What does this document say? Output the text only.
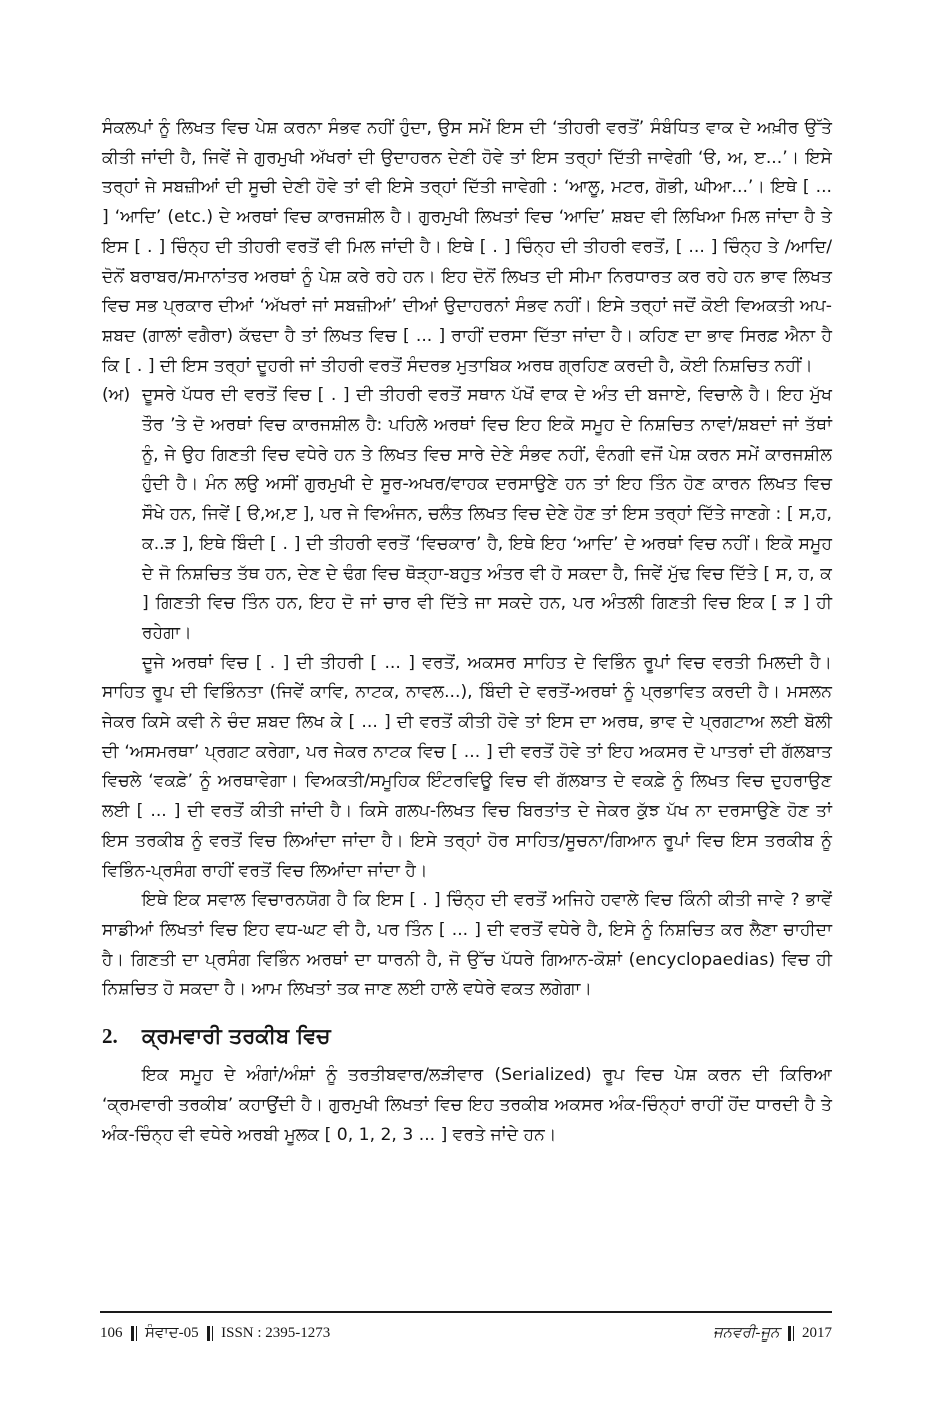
ਸੰਕਲਪਾਂ ਨੂੰ ਲਿਖਤ ਵਿਚ ਪੇਸ਼ ਕਰਨਾ ਸੰਭਵ ਨਹੀਂ ਹੁੰਦਾ, ਉਸ ਸਮੇਂ ਇਸ ਦੀ ‘ਤੀਹਰੀ ਵਰਤੋਂ’ ਸੰਬੰਧਿਤ ਵਾਕ ਦੇ ਅਖ਼ੀਰ ਉੱਤੇ ਕੀਤੀ ਜਾਂਦੀ ਹੈ, ਜਿਵੇਂ ਜੇ ਗੁਰਮੁਖੀ ਅੱਖਰਾਂ ਦੀ ਉਦਾਹਰਨ ਦੇਣੀ ਹੋਵੇ ਤਾਂ ਇਸ ਤਰ੍ਹਾਂ ਦਿੱਤੀ ਜਾਵੇਗੀ ‘ੳ, ਅ, ੲ...’। ਇਸੇ ਤਰ੍ਹਾਂ ਜੇ ਸਬਜ਼ੀਆਂ ਦੀ ਸੂਚੀ ਦੇਣੀ ਹੋਵੇ ਤਾਂ ਵੀ ਇਸੇ ਤਰ੍ਹਾਂ ਦਿੱਤੀ ਜਾਵੇਗੀ : ‘ਆਲੂ, ਮਟਰ, ਗੋਭੀ, ਘੀਆ...’। ਇਥੇ [ ... ] ‘ਆਦਿ’ (etc.) ਦੇ ਅਰਥਾਂ ਵਿਚ ਕਾਰਜਸ਼ੀਲ ਹੈ। ਗੁਰਮੁਖੀ ਲਿਖਤਾਂ ਵਿਚ ‘ਆਦਿ’ ਸ਼ਬਦ ਵੀ ਲਿਖਿਆ ਮਿਲ ਜਾਂਦਾ ਹੈ ਤੇ ਇਸ [ . ] ਚਿੰਨ੍ਹ ਦੀ ਤੀਹਰੀ ਵਰਤੋਂ ਵੀ ਮਿਲ ਜਾਂਦੀ ਹੈ। ਇਥੇ [ . ] ਚਿੰਨ੍ਹ ਦੀ ਤੀਹਰੀ ਵਰਤੋਂ, [ ... ] ਚਿੰਨ੍ਹ ਤੇ /ਆਦਿ/ ਦੋਨੋਂ ਬਰਾਬਰ/ਸਮਾਨਾਂਤਰ ਅਰਥਾਂ ਨੂੰ ਪੇਸ਼ ਕਰੇ ਰਹੇ ਹਨ। ਇਹ ਦੋਨੋਂ ਲਿਖਤ ਦੀ ਸੀਮਾ ਨਿਰਧਾਰਤ ਕਰ ਰਹੇ ਹਨ ਭਾਵ ਲਿਖਤ ਵਿਚ ਸਭ ਪ੍ਰਕਾਰ ਦੀਆਂ ‘ਅੱਖਰਾਂ ਜਾਂ ਸਬਜ਼ੀਆਂ’ ਦੀਆਂ ਉਦਾਹਰਨਾਂ ਸੰਭਵ ਨਹੀਂ। ਇਸੇ ਤਰ੍ਹਾਂ ਜਦੋਂ ਕੋਈ ਵਿਅਕਤੀ ਅਪ-ਸ਼ਬਦ (ਗਾਲਾਂ ਵਗੈਰਾ) ਕੱਢਦਾ ਹੈ ਤਾਂ ਲਿਖਤ ਵਿਚ [ ... ] ਰਾਹੀਂ ਦਰਸਾ ਦਿੱਤਾ ਜਾਂਦਾ ਹੈ। ਕਹਿਣ ਦਾ ਭਾਵ ਸਿਰਫ਼ ਐਨਾ ਹੈ ਕਿ [ . ] ਦੀ ਇਸ ਤਰ੍ਹਾਂ ਦੂਹਰੀ ਜਾਂ ਤੀਹਰੀ ਵਰਤੋਂ ਸੰਦਰਭ ਮੁਤਾਬਿਕ ਅਰਥ ਗ੍ਰਹਿਣ ਕਰਦੀ ਹੈ, ਕੋਈ ਨਿਸ਼ਚਿਤ ਨਹੀਂ।

(ਅ) ਦੂਸਰੇ ਪੱਧਰ ਦੀ ਵਰਤੋਂ ਵਿਚ [ . ] ਦੀ ਤੀਹਰੀ ਵਰਤੋਂ ਸਥਾਨ ਪੱਖੋਂ ਵਾਕ ਦੇ ਅੰਤ ਦੀ ਬਜਾਏ, ਵਿਚਾਲੇ ਹੈ। ਇਹ ਮੁੱਖ ਤੌਰ ’ਤੇ ਦੋ ਅਰਥਾਂ ਵਿਚ ਕਾਰਜਸ਼ੀਲ ਹੈ: ਪਹਿਲੇ ਅਰਥਾਂ ਵਿਚ ਇਹ ਇਕੋ ਸਮੂਹ ਦੇ ਨਿਸ਼ਚਿਤ ਨਾਵਾਂ/ਸ਼ਬਦਾਂ ਜਾਂ ਤੱਥਾਂ ਨੂੰ, ਜੇ ਉਹ ਗਿਣਤੀ ਵਿਚ ਵਧੇਰੇ ਹਨ ਤੇ ਲਿਖਤ ਵਿਚ ਸਾਰੇ ਦੇਣੇ ਸੰਭਵ ਨਹੀਂ, ਵੰਨਗੀ ਵਜੋਂ ਪੇਸ਼ ਕਰਨ ਸਮੇਂ ਕਾਰਜਸ਼ੀਲ ਹੁੰਦੀ ਹੈ। ਮੰਨ ਲਉ ਅਸੀਂ ਗੁਰਮੁਖੀ ਦੇ ਸੂਰ-ਅਖਰ/ਵਾਹਕ ਦਰਸਾਉਣੇ ਹਨ ਤਾਂ ਇਹ ਤਿੰਨ ਹੋਣ ਕਾਰਨ ਲਿਖਤ ਵਿਚ ਸੌਖੇ ਹਨ, ਜਿਵੇਂ [ ੳ,ਅ,ੲ ], ਪਰ ਜੇ ਵਿਅੰਜਨ, ਚਲੰਤ ਲਿਖਤ ਵਿਚ ਦੇਣੇ ਹੋਣ ਤਾਂ ਇਸ ਤਰ੍ਹਾਂ ਦਿੱਤੇ ਜਾਣਗੇ : [ ਸ,ਹ, ਕ..ੜ ], ਇਥੇ ਬਿੰਦੀ [ . ] ਦੀ ਤੀਹਰੀ ਵਰਤੋਂ ‘ਵਿਚਕਾਰ’ ਹੈ, ਇਥੇ ਇਹ ‘ਆਦਿ’ ਦੇ ਅਰਥਾਂ ਵਿਚ ਨਹੀਂ। ਇਕੋ ਸਮੂਹ ਦੇ ਜੋ ਨਿਸ਼ਚਿਤ ਤੱਥ ਹਨ, ਦੇਣ ਦੇ ਢੰਗ ਵਿਚ ਥੋੜ੍ਹਾ-ਬਹੁਤ ਅੰਤਰ ਵੀ ਹੋ ਸਕਦਾ ਹੈ, ਜਿਵੇਂ ਮੁੱਢ ਵਿਚ ਦਿੱਤੇ [ ਸ, ਹ, ਕ ] ਗਿਣਤੀ ਵਿਚ ਤਿੰਨ ਹਨ, ਇਹ ਦੋ ਜਾਂ ਚਾਰ ਵੀ ਦਿੱਤੇ ਜਾ ਸਕਦੇ ਹਨ, ਪਰ ਅੰਤਲੀ ਗਿਣਤੀ ਵਿਚ ਇਕ [ ੜ ] ਹੀ ਰਹੇਗਾ।

ਦੂਜੇ ਅਰਥਾਂ ਵਿਚ [ . ] ਦੀ ਤੀਹਰੀ [ ... ] ਵਰਤੋਂ, ਅਕਸਰ ਸਾਹਿਤ ਦੇ ਵਿਭਿੰਨ ਰੂਪਾਂ ਵਿਚ ਵਰਤੀ ਮਿਲਦੀ ਹੈ। ਸਾਹਿਤ ਰੂਪ ਦੀ ਵਿਭਿੰਨਤਾ (ਜਿਵੇਂ ਕਾਵਿ, ਨਾਟਕ, ਨਾਵਲ...), ਬਿੰਦੀ ਦੇ ਵਰਤੋਂ-ਅਰਥਾਂ ਨੂੰ ਪ੍ਰਭਾਵਿਤ ਕਰਦੀ ਹੈ। ਮਸਲਨ ਜੇਕਰ ਕਿਸੇ ਕਵੀ ਨੇ ਚੰਦ ਸ਼ਬਦ ਲਿਖ ਕੇ [ ... ] ਦੀ ਵਰਤੋਂ ਕੀਤੀ ਹੋਵੇ ਤਾਂ ਇਸ ਦਾ ਅਰਥ, ਭਾਵ ਦੇ ਪ੍ਰਗਟਾਅ ਲਈ ਬੋਲੀ ਦੀ ‘ਅਸਮਰਥਾ’ ਪ੍ਰਗਟ ਕਰੇਗਾ, ਪਰ ਜੇਕਰ ਨਾਟਕ ਵਿਚ [ ... ] ਦੀ ਵਰਤੋਂ ਹੋਵੇ ਤਾਂ ਇਹ ਅਕਸਰ ਦੋ ਪਾਤਰਾਂ ਦੀ ਗੱਲਬਾਤ ਵਿਚਲੇ ‘ਵਕਫ਼ੇ’ ਨੂੰ ਅਰਥਾਵੇਗਾ। ਵਿਅਕਤੀ/ਸਮੂਹਿਕ ਇੰਟਰਵਿਊ ਵਿਚ ਵੀ ਗੱਲਬਾਤ ਦੇ ਵਕਫ਼ੇ ਨੂੰ ਲਿਖਤ ਵਿਚ ਦੁਹਰਾਉਣ ਲਈ [ ... ] ਦੀ ਵਰਤੋਂ ਕੀਤੀ ਜਾਂਦੀ ਹੈ। ਕਿਸੇ ਗਲਪ-ਲਿਖਤ ਵਿਚ ਬਿਰਤਾਂਤ ਦੇ ਜੇਕਰ ਕੁੱਝ ਪੱਖ ਨਾ ਦਰਸਾਉਣੇ ਹੋਣ ਤਾਂ ਇਸ ਤਰਕੀਬ ਨੂੰ ਵਰਤੋਂ ਵਿਚ ਲਿਆਂਦਾ ਜਾਂਦਾ ਹੈ। ਇਸੇ ਤਰ੍ਹਾਂ ਹੋਰ ਸਾਹਿਤ/ਸੂਚਨਾ/ਗਿਆਨ ਰੂਪਾਂ ਵਿਚ ਇਸ ਤਰਕੀਬ ਨੂੰ ਵਿਭਿੰਨ-ਪ੍ਰਸੰਗ ਰਾਹੀਂ ਵਰਤੋਂ ਵਿਚ ਲਿਆਂਦਾ ਜਾਂਦਾ ਹੈ।

ਇਥੇ ਇਕ ਸਵਾਲ ਵਿਚਾਰਨਯੋਗ ਹੈ ਕਿ ਇਸ [ . ] ਚਿੰਨ੍ਹ ਦੀ ਵਰਤੋਂ ਅਜਿਹੇ ਹਵਾਲੇ ਵਿਚ ਕਿੰਨੀ ਕੀਤੀ ਜਾਵੇ ? ਭਾਵੇਂ ਸਾਡੀਆਂ ਲਿਖਤਾਂ ਵਿਚ ਇਹ ਵਧ-ਘਟ ਵੀ ਹੈ, ਪਰ ਤਿੰਨ [ ... ] ਦੀ ਵਰਤੋਂ ਵਧੇਰੇ ਹੈ, ਇਸੇ ਨੂੰ ਨਿਸ਼ਚਿਤ ਕਰ ਲੈਣਾ ਚਾਹੀਦਾ ਹੈ। ਗਿਣਤੀ ਦਾ ਪ੍ਰਸੰਗ ਵਿਭਿੰਨ ਅਰਥਾਂ ਦਾ ਧਾਰਨੀ ਹੈ, ਜੋ ਉੱਚ ਪੱਧਰੇ ਗਿਆਨ-ਕੋਸ਼ਾਂ (encyclopaedias) ਵਿਚ ਹੀ ਨਿਸ਼ਚਿਤ ਹੋ ਸਕਦਾ ਹੈ। ਆਮ ਲਿਖਤਾਂ ਤਕ ਜਾਣ ਲਈ ਹਾਲੇ ਵਧੇਰੇ ਵਕਤ ਲਗੇਗਾ।

2.	ਕ੍ਰਮਵਾਰੀ ਤਰਕੀਬ ਵਿਚ

ਇਕ ਸਮੂਹ ਦੇ ਅੰਗਾਂ/ਅੰਸ਼ਾਂ ਨੂੰ ਤਰਤੀਬਵਾਰ/ਲੜੀਵਾਰ (Serialized) ਰੂਪ ਵਿਚ ਪੇਸ਼ ਕਰਨ ਦੀ ਕਿਰਿਆ ‘ਕ੍ਰਮਵਾਰੀ ਤਰਕੀਬ’ ਕਹਾਉਂਦੀ ਹੈ। ਗੁਰਮੁਖੀ ਲਿਖਤਾਂ ਵਿਚ ਇਹ ਤਰਕੀਬ ਅਕਸਰ ਅੰਕ-ਚਿੰਨ੍ਹਾਂ ਰਾਹੀਂ ਹੋਂਦ ਧਾਰਦੀ ਹੈ ਤੇ ਅੰਕ-ਚਿੰਨ੍ਹ ਵੀ ਵਧੇਰੇ ਅਰਬੀ ਮੂਲਕ [ 0, 1, 2, 3 ... ] ਵਰਤੇ ਜਾਂਦੇ ਹਨ।

106 ਸੰਵਾਦ-05 ISSN : 2395-1273	ਜਨਵਰੀ-ਜੂਨ 2017
